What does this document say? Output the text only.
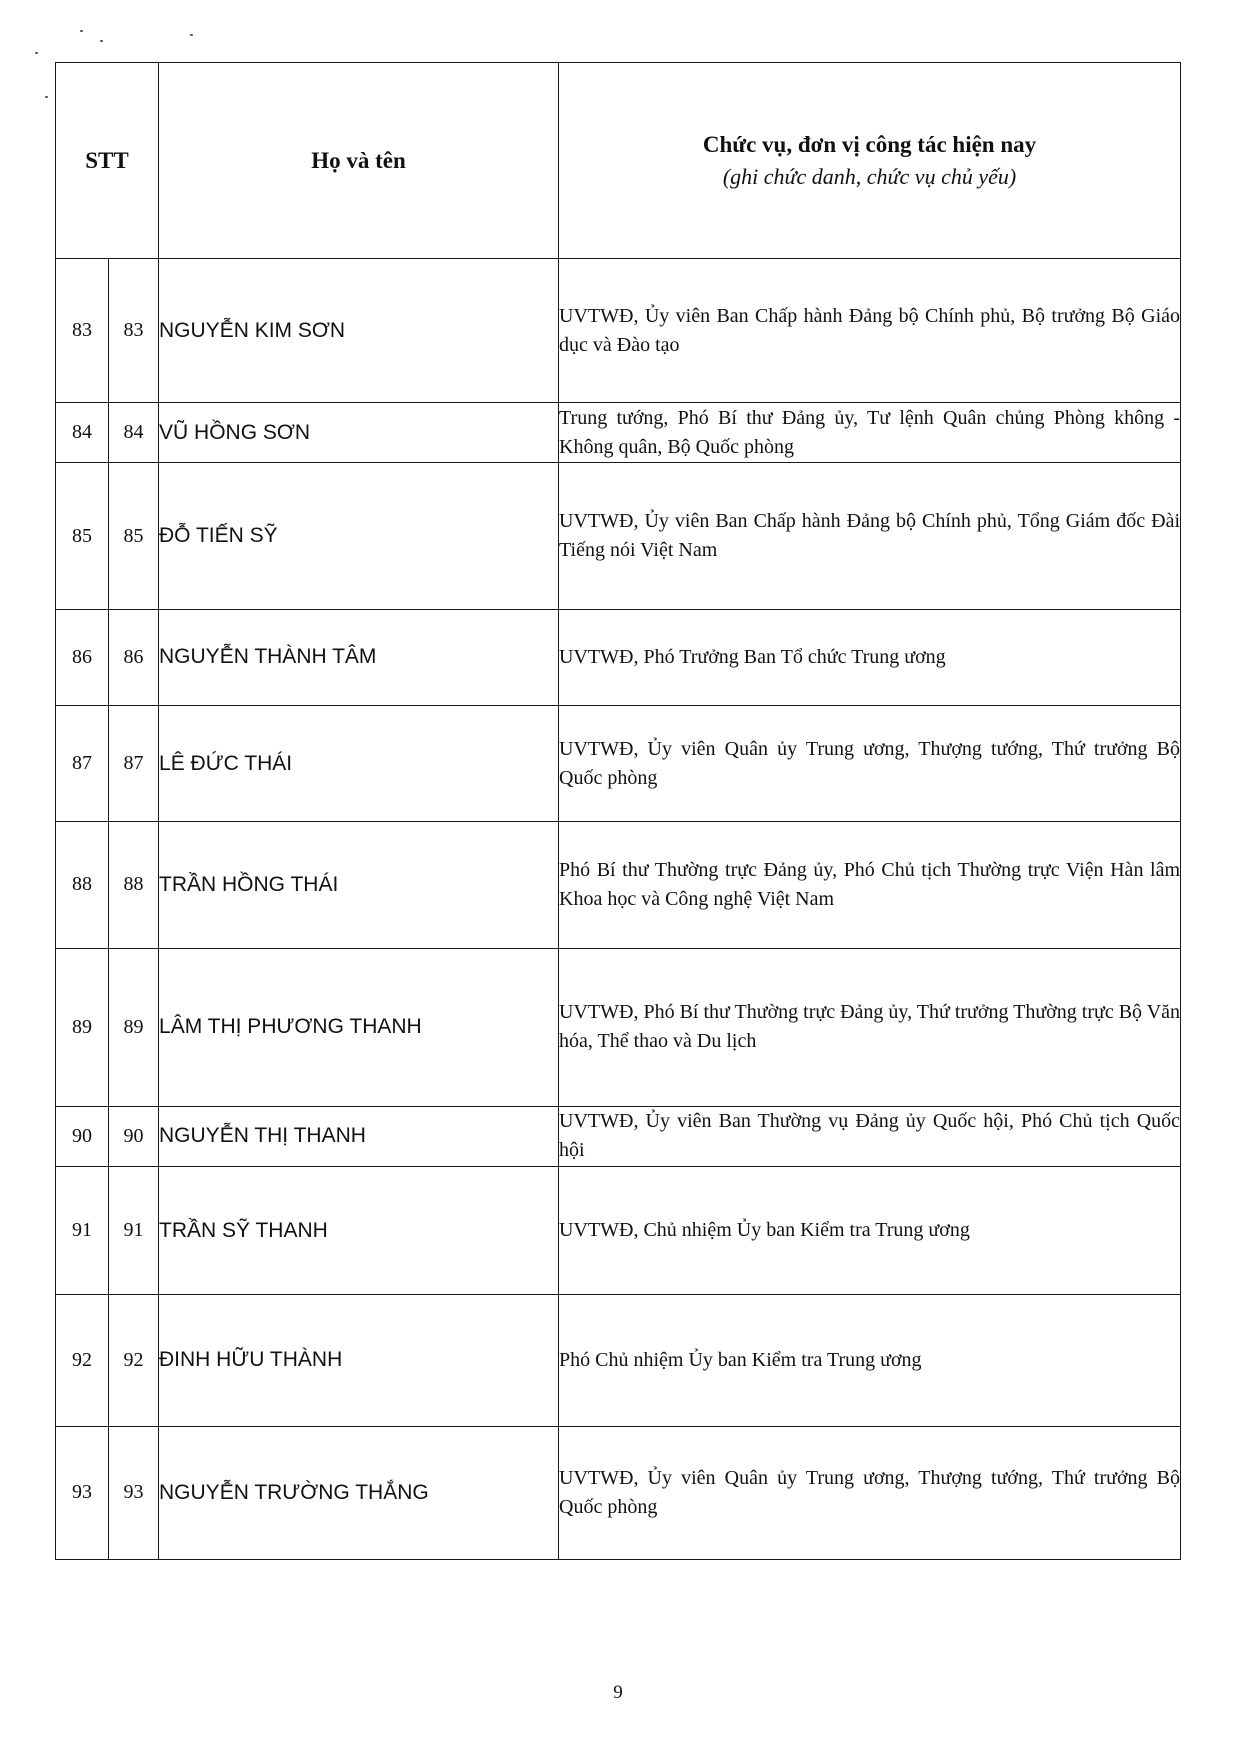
STT		Họ và tên	Chức vụ, đơn vị công tác hiện nay
(ghi chức danh, chức vụ chủ yếu)

83	83	NGUYỄN KIM SƠN	UVTWĐ, Ủy viên Ban Chấp hành Đảng bộ Chính phủ, Bộ trưởng Bộ Giáo dục và Đào tạo
84	84	VŨ HỒNG SƠN	Trung tướng, Phó Bí thư Đảng ủy, Tư lệnh Quân chủng Phòng không - Không quân, Bộ Quốc phòng
85	85	ĐỖ TIẾN SỸ	UVTWĐ, Ủy viên Ban Chấp hành Đảng bộ Chính phủ, Tổng Giám đốc Đài Tiếng nói Việt Nam
86	86	NGUYỄN THÀNH TÂM	UVTWĐ, Phó Trưởng Ban Tổ chức Trung ương
87	87	LÊ ĐỨC THÁI	UVTWĐ, Ủy viên Quân ủy Trung ương, Thượng tướng, Thứ trưởng Bộ Quốc phòng
88	88	TRẦN HỒNG THÁI	Phó Bí thư Thường trực Đảng ủy, Phó Chủ tịch Thường trực Viện Hàn lâm Khoa học và Công nghệ Việt Nam
89	89	LÂM THỊ PHƯƠNG THANH	UVTWĐ, Phó Bí thư Thường trực Đảng ủy, Thứ trưởng Thường trực Bộ Văn hóa, Thể thao và Du lịch
90	90	NGUYỄN THỊ THANH	UVTWĐ, Ủy viên Ban Thường vụ Đảng ủy Quốc hội, Phó Chủ tịch Quốc hội
91	91	TRẦN SỸ THANH	UVTWĐ, Chủ nhiệm Ủy ban Kiểm tra Trung ương
92	92	ĐINH HỮU THÀNH	Phó Chủ nhiệm Ủy ban Kiểm tra Trung ương
93	93	NGUYỄN TRƯỜNG THẮNG	UVTWĐ, Ủy viên Quân ủy Trung ương, Thượng tướng, Thứ trưởng Bộ Quốc phòng
9
